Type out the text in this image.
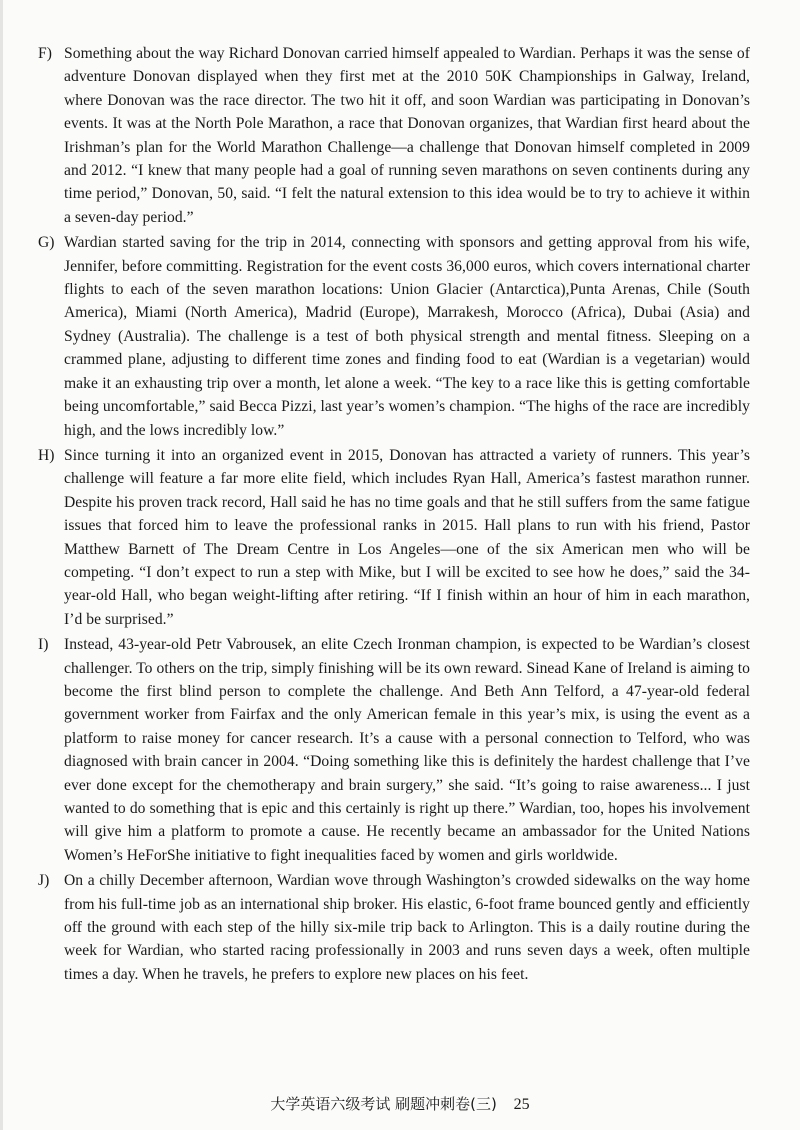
F) Something about the way Richard Donovan carried himself appealed to Wardian. Perhaps it was the sense of adventure Donovan displayed when they first met at the 2010 50K Championships in Galway, Ireland, where Donovan was the race director. The two hit it off, and soon Wardian was participating in Donovan’s events. It was at the North Pole Marathon, a race that Donovan organizes, that Wardian first heard about the Irishman’s plan for the World Marathon Challenge—a challenge that Donovan himself completed in 2009 and 2012. “I knew that many people had a goal of running seven marathons on seven continents during any time period,” Donovan, 50, said. “I felt the natural extension to this idea would be to try to achieve it within a seven-day period.”

G) Wardian started saving for the trip in 2014, connecting with sponsors and getting approval from his wife, Jennifer, before committing. Registration for the event costs 36,000 euros, which covers international charter flights to each of the seven marathon locations: Union Glacier (Antarctica),Punta Arenas, Chile (South America), Miami (North America), Madrid (Europe), Marrakesh, Morocco (Africa), Dubai (Asia) and Sydney (Australia). The challenge is a test of both physical strength and mental fitness. Sleeping on a crammed plane, adjusting to different time zones and finding food to eat (Wardian is a vegetarian) would make it an exhausting trip over a month, let alone a week. “The key to a race like this is getting comfortable being uncomfortable,” said Becca Pizzi, last year’s women’s champion. “The highs of the race are incredibly high, and the lows incredibly low.”

H) Since turning it into an organized event in 2015, Donovan has attracted a variety of runners. This year’s challenge will feature a far more elite field, which includes Ryan Hall, America’s fastest marathon runner. Despite his proven track record, Hall said he has no time goals and that he still suffers from the same fatigue issues that forced him to leave the professional ranks in 2015. Hall plans to run with his friend, Pastor Matthew Barnett of The Dream Centre in Los Angeles—one of the six American men who will be competing. “I don’t expect to run a step with Mike, but I will be excited to see how he does,” said the 34-year-old Hall, who began weight-lifting after retiring. “If I finish within an hour of him in each marathon, I’d be surprised.”

I) Instead, 43-year-old Petr Vabrousek, an elite Czech Ironman champion, is expected to be Wardian’s closest challenger. To others on the trip, simply finishing will be its own reward. Sinead Kane of Ireland is aiming to become the first blind person to complete the challenge. And Beth Ann Telford, a 47-year-old federal government worker from Fairfax and the only American female in this year’s mix, is using the event as a platform to raise money for cancer research. It’s a cause with a personal connection to Telford, who was diagnosed with brain cancer in 2004. “Doing something like this is definitely the hardest challenge that I’ve ever done except for the chemotherapy and brain surgery,” she said. “It’s going to raise awareness... I just wanted to do something that is epic and this certainly is right up there.” Wardian, too, hopes his involvement will give him a platform to promote a cause. He recently became an ambassador for the United Nations Women’s HeForShe initiative to fight inequalities faced by women and girls worldwide.

J) On a chilly December afternoon, Wardian wove through Washington’s crowded sidewalks on the way home from his full-time job as an international ship broker. His elastic, 6-foot frame bounced gently and efficiently off the ground with each step of the hilly six-mile trip back to Arlington. This is a daily routine during the week for Wardian, who started racing professionally in 2003 and runs seven days a week, often multiple times a day. When he travels, he prefers to explore new places on his feet.

大学英语六级考试 刷题冲刺卷(三) 25
